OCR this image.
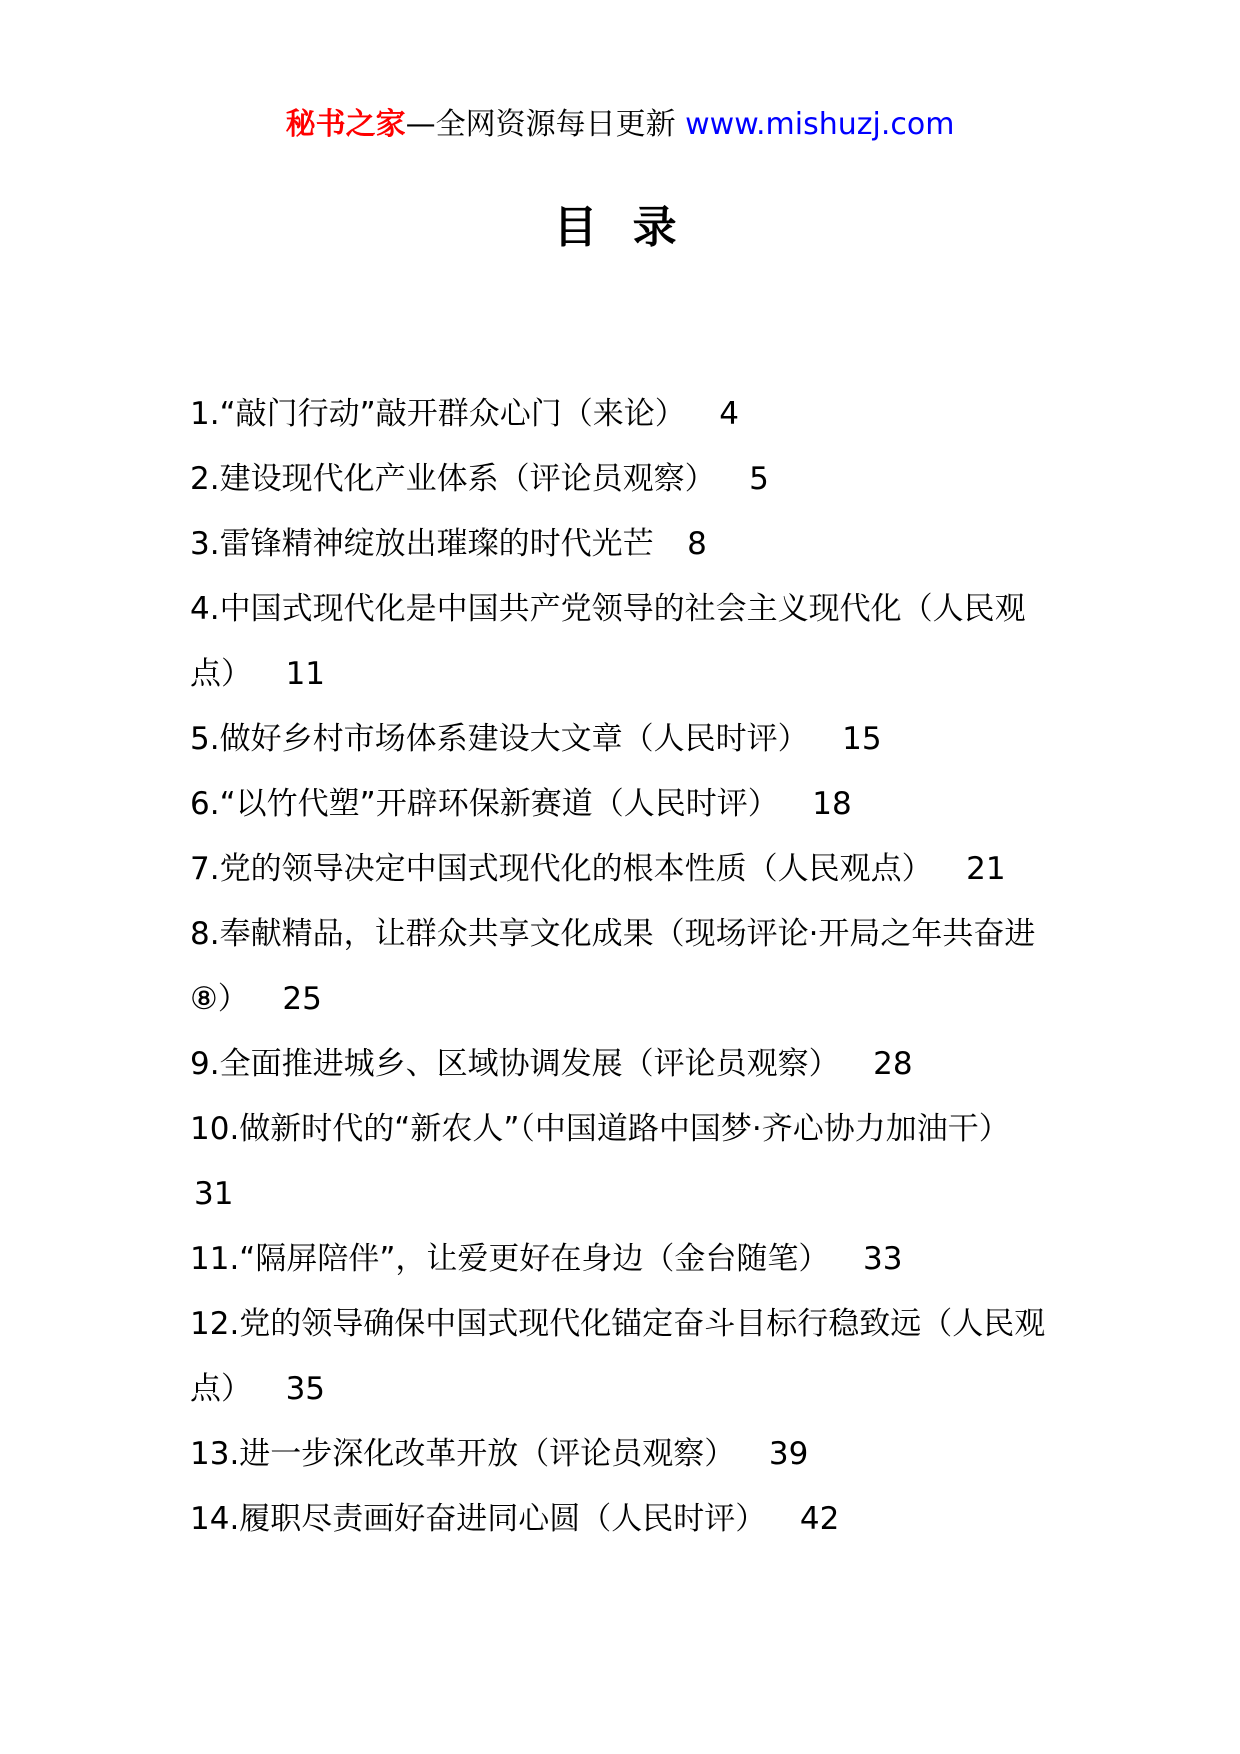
秘书之家—全网资源每日更新 www.mishuzj.com
目 录
1.“敲门行动”敲开群众心门（来论） 4
2.建设现代化产业体系（评论员观察） 5
3.雷锋精神绽放出璀璨的时代光芒 8
4.中国式现代化是中国共产党领导的社会主义现代化（人民观点） 11
5.做好乡村市场体系建设大文章（人民时评） 15
6.“以竹代塑”开辟环保新赛道（人民时评） 18
7.党的领导决定中国式现代化的根本性质（人民观点） 21
8.奉献精品，让群众共享文化成果（现场评论·开局之年共奋进⑧） 25
9.全面推进城乡、区域协调发展（评论员观察） 28
10.做新时代的“新农人”（中国道路中国梦·齐心协力加油干）   31
11.“隔屏陪伴”，让爱更好在身边（金台随笔） 33
12.党的领导确保中国式现代化锚定奋斗目标行稳致远（人民观点） 35
13.进一步深化改革开放（评论员观察） 39
14.履职尽责画好奋进同心圆（人民时评） 42
